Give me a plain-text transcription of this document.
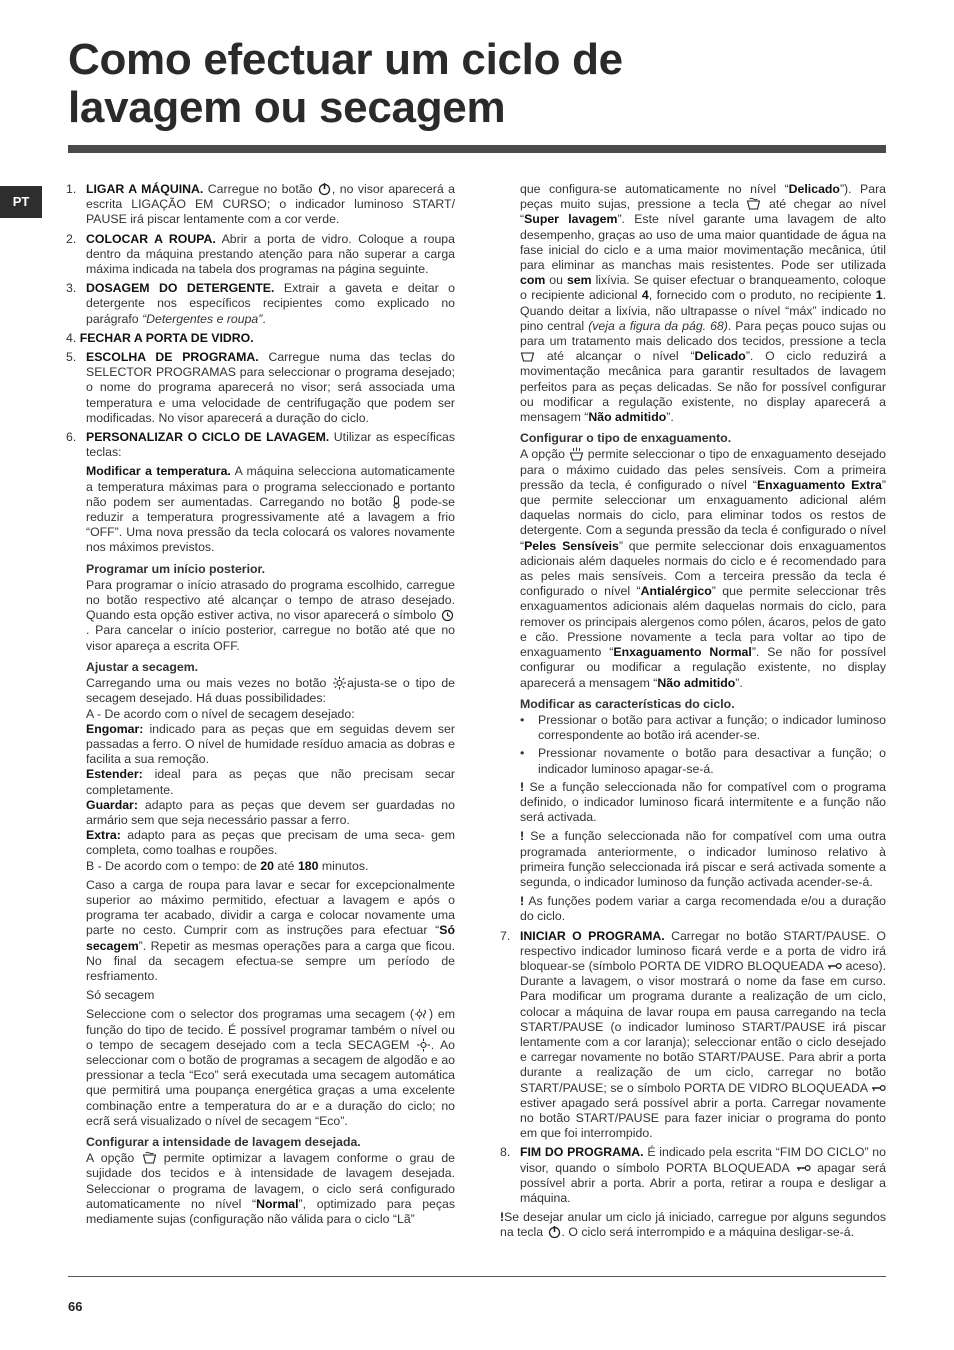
Como efectuar um ciclo de
lavagem ou secagem
PT

1. LIGAR A MÁQUINA. Carregue no botão , no visor aparecerá a escrita LIGAÇÃO EM CURSO; o indicador luminoso START/ PAUSE irá piscar lentamente com a cor verde.

2. COLOCAR A ROUPA. Abrir a porta de vidro. Coloque a roupa dentro da máquina prestando atenção para não superar a carga máxima indicada na tabela dos programas na página seguinte.

3. DOSAGEM DO DETERGENTE. Extrair a gaveta e deitar o detergente nos específicos recipientes como explicado no parágrafo “Detergentes e roupa”.

4. FECHAR A PORTA DE VIDRO.

5. ESCOLHA DE PROGRAMA. Carregue numa das teclas do SELECTOR PROGRAMAS para seleccionar o programa desejado; o nome do programa aparecerá no visor; será associada uma temperatura e uma velocidade de centrifugação que podem ser modificadas. No visor aparecerá a duração do ciclo.

6. PERSONALIZAR O CICLO DE LAVAGEM. Utilizar as específicas teclas:

Modificar a temperatura. A máquina selecciona automaticamente a temperatura máximas para o programa seleccionado e portanto não podem ser aumentadas. Carregando no botão pode-se reduzir a temperatura progressivamente até a lavagem a frio “OFF”. Uma nova pressão da tecla colocará os valores novamente nos máximos previstos.

Programar um início posterior.

Para programar o início atrasado do programa escolhido, carregue no botão respectivo até alcançar o tempo de atraso desejado. Quando esta opção estiver activa, no visor aparecerá o símbolo
. Para cancelar o início posterior, carregue no botão até que no visor apareça a escrita OFF.

Ajustar a secagem.

Carregando uma ou mais vezes no botão ajusta-se o tipo de secagem desejado. Há duas possibilidades:
A - De acordo com o nível de secagem desejado:
Engomar: indicado para as peças que em seguidas devem ser passadas a ferro. O nível de humidade resíduo amacia as dobras e facilita a sua remoção.
Estender: ideal para as peças que não precisam secar completamente.
Guardar: adapto para as peças que devem ser guardadas no armário sem que seja necessário passar a ferro.
Extra: adapto para as peças que precisam de uma seca- gem completa, como toalhas e roupões.
B - De acordo com o tempo: de 20 até 180 minutos.

Caso a carga de roupa para lavar e secar for excepcionalmente superior ao máximo permitido, efectuar a lavagem e após o programa ter acabado, dividir a carga e colocar novamente uma parte no cesto. Cumprir com as instruções para efectuar “Só secagem”. Repetir as mesmas operações para a carga que ficou. No final da secagem efectua-se sempre um período de resfriamento.

Só secagem

Seleccione com o selector dos programas uma secagem ( ) em função do tipo de tecido. É possível programar também o nível ou o tempo de secagem desejado com a tecla SECAGEM . Ao seleccionar com o botão de programas a secagem de algodão e ao pressionar a tecla “Eco” será executada uma secagem automática que permitirá uma poupança energética graças a uma excelente combinação entre a temperatura do ar e a duração do ciclo; no ecrã será visualizado o nível de secagem “Eco”.

Configurar a intensidade de lavagem desejada.

A opção permite optimizar a lavagem conforme o grau de sujidade dos tecidos e à intensidade de lavagem desejada. Seleccionar o programa de lavagem, o ciclo será configurado automaticamente no nível “Normal”, optimizado para peças mediamente sujas (configuração não válida para o ciclo “Lã”

que configura-se automaticamente no nível “Delicado”). Para peças muito sujas, pressione a tecla até chegar ao nível “Super lavagem”. Este nível garante uma lavagem de alto desempenho, graças ao uso de uma maior quantidade de água na fase inicial do ciclo e a uma maior movimentação mecânica, útil para eliminar as manchas mais resistentes. Pode ser utilizada com ou sem lixívia. Se quiser efectuar o branqueamento, coloque o recipiente adicional 4, fornecido com o produto, no recipiente 1. Quando deitar a lixívia, não ultrapasse o nível “máx” indicado no pino central (veja a figura da pág. 68). Para peças pouco sujas ou para um tratamento mais delicado dos tecidos, pressione a tecla
até alcançar o nível “Delicado”. O ciclo reduzirá a movimentação mecânica para garantir resultados de lavagem perfeitos para as peças delicadas. Se não for possível configurar ou modificar a regulação existente, no display aparecerá a mensagem “Não admitido”.

Configurar o tipo de enxaguamento.

A opção permite seleccionar o tipo de enxaguamento desejado para o máximo cuidado das peles sensíveis. Com a primeira pressão da tecla, é configurado o nível “Enxaguamento Extra” que permite seleccionar um enxaguamento adicional além daquelas normais do ciclo, para eliminar todos os restos de detergente. Com a segunda pressão da tecla é configurado o nível “Peles Sensíveis” que permite seleccionar dois enxaguamentos adicionais além daqueles normais do ciclo e é recomendado para as peles mais sensíveis. Com a terceira pressão da tecla é configurado o nível “Antialérgico” que permite seleccionar três enxaguamentos adicionais além daquelas normais do ciclo, para remover os principais alergenos como pólen, ácaros, pelos de gato e cão. Pressione novamente a tecla para voltar ao tipo de enxaguamento “Enxaguamento Normal”. Se não for possível configurar ou modificar a regulação existente, no display aparecerá a mensagem “Não admitido”.

Modificar as características do ciclo.

• Pressionar o botão para activar a função; o indicador luminoso correspondente ao botão irá acender-se.

• Pressionar novamente o botão para desactivar a função; o indicador luminoso apagar-se-á.

! Se a função seleccionada não for compatível com o programa definido, o indicador luminoso ficará intermitente e a função não será activada.

! Se a função seleccionada não for compatível com uma outra programada anteriormente, o indicador luminoso relativo à primeira função seleccionada irá piscar e será activada somente a segunda, o indicador luminoso da função activada acender-se-á.

! As funções podem variar a carga recomendada e/ou a duração do ciclo.

7. INICIAR O PROGRAMA. Carregar no botão START/PAUSE. O respectivo indicador luminoso ficará verde e a porta de vidro irá bloquear-se (símbolo PORTA DE VIDRO BLOQUEADA aceso). Durante a lavagem, o visor mostrará o nome da fase em curso. Para modificar um programa durante a realização de um ciclo, colocar a máquina de lavar roupa em pausa carregando na tecla START/PAUSE (o indicador luminoso START/PAUSE irá piscar lentamente com a cor laranja); seleccionar então o ciclo desejado e carregar novamente no botão START/PAUSE. Para abrir a porta durante a realização de um ciclo, carregar no botão START/PAUSE; se o símbolo PORTA DE VIDRO BLOQUEADA
estiver apagado será possível abrir a porta. Carregar novamente no botão START/PAUSE para fazer iniciar o programa do ponto em que foi interrompido.

8. FIM DO PROGRAMA. É indicado pela escrita “FIM DO CICLO” no visor, quando o símbolo PORTA BLOQUEADA apagar será possível abrir a porta. Abrir a porta, retirar a roupa e desligar a máquina.

!Se desejar anular um ciclo já iniciado, carregue por alguns segundos na tecla . O ciclo será interrompido e a máquina desligar-se-á.

66
